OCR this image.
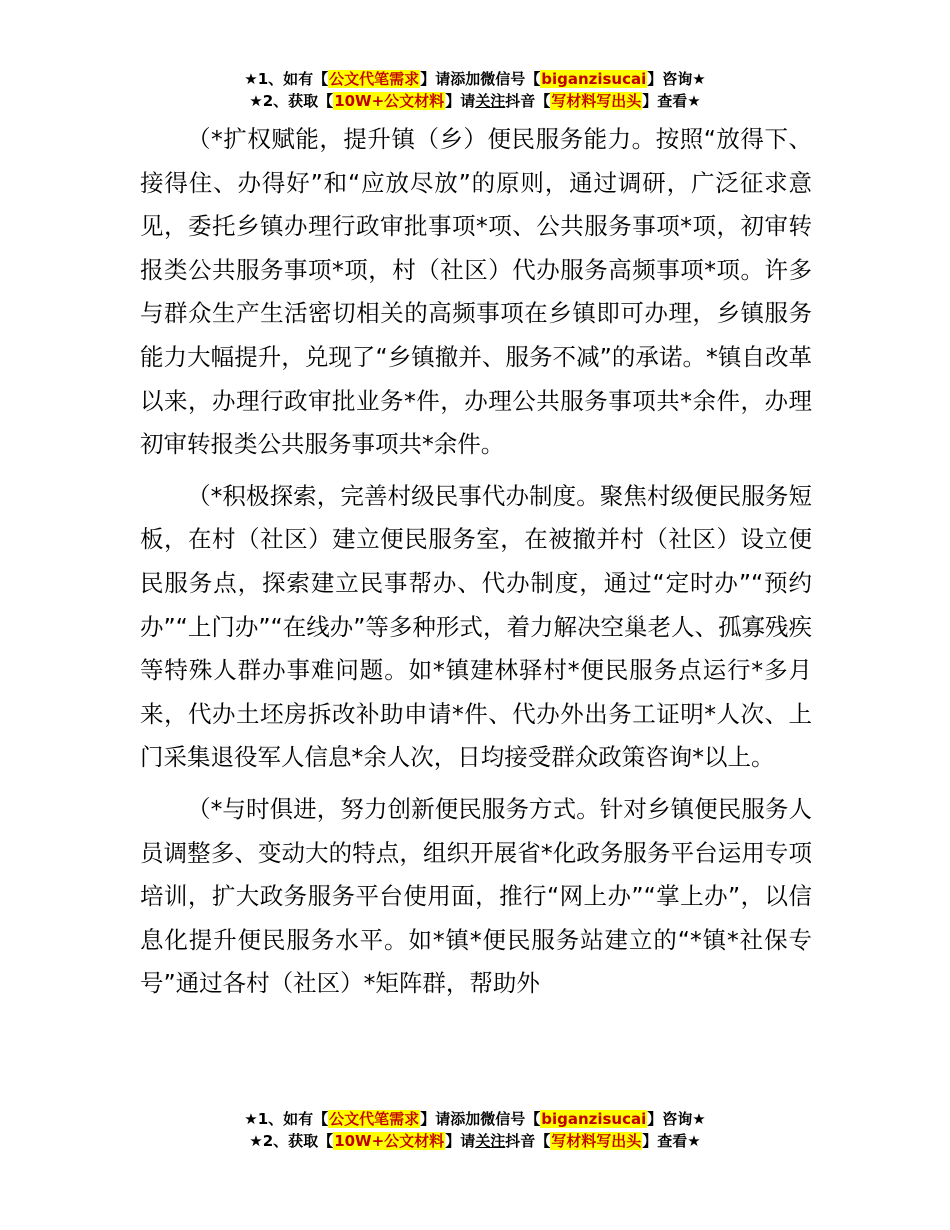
★1、如有【公文代笔需求】请添加微信号【biganzisucai】咨询★
★2、获取【10W+公文材料】请关注抖音【写材料写出头】查看★

（*扩权赋能，提升镇（乡）便民服务能力。按照“放得下、接得住、办得好”和“应放尽放”的原则，通过调研，广泛征求意见，委托乡镇办理行政审批事项*项、公共服务事项*项，初审转报类公共服务事项*项，村（社区）代办服务高频事项*项。许多与群众生产生活密切相关的高频事项在乡镇即可办理，乡镇服务能力大幅提升，兑现了“乡镇撤并、服务不减”的承诺。*镇自改革以来，办理行政审批业务*件，办理公共服务事项共*余件，办理初审转报类公共服务事项共*余件。

（*积极探索，完善村级民事代办制度。聚焦村级便民服务短板，在村（社区）建立便民服务室，在被撤并村（社区）设立便民服务点，探索建立民事帮办、代办制度，通过“定时办”“预约办”“上门办”“在线办”等多种形式，着力解决空巢老人、孤寡残疾等特殊人群办事难问题。如*镇建林驿村*便民服务点运行*多月来，代办土坯房拆改补助申请*件、代办外出务工证明*人次、上门采集退役军人信息*余人次，日均接受群众政策咨询*以上。

（*与时俱进，努力创新便民服务方式。针对乡镇便民服务人员调整多、变动大的特点，组织开展省*化政务服务平台运用专项培训，扩大政务服务平台使用面，推行“网上办”“掌上办”，以信息化提升便民服务水平。如*镇*便民服务站建立的“*镇*社保专号”通过各村（社区）*矩阵群，帮助外

★1、如有【公文代笔需求】请添加微信号【biganzisucai】咨询★
★2、获取【10W+公文材料】请关注抖音【写材料写出头】查看★
